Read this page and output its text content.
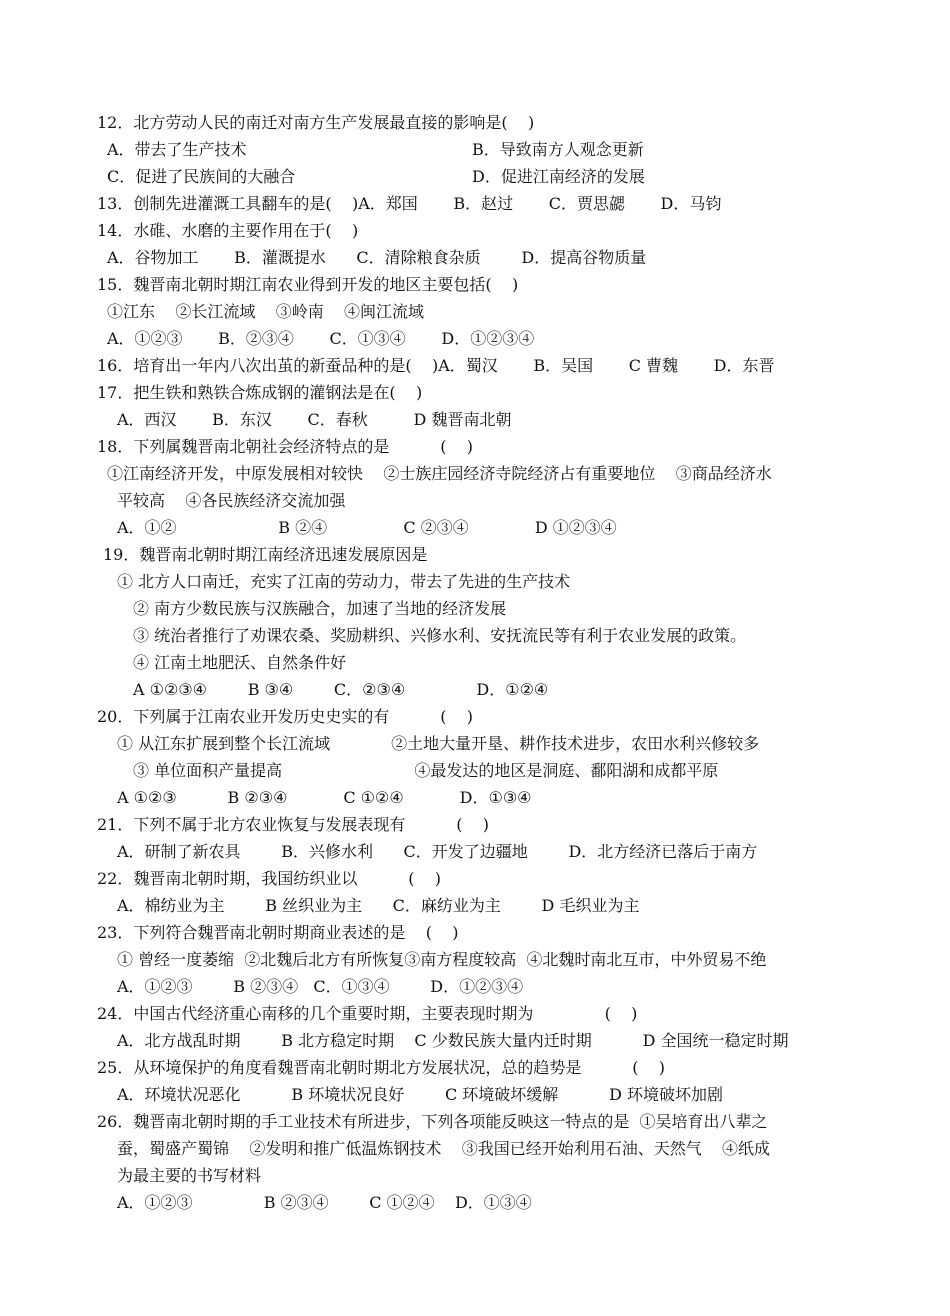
12．北方劳动人民的南迁对南方生产发展最直接的影响是(    )
A．带去了生产技术	B．导致南方人观念更新
C．促进了民族间的大融合	D．促进江南经济的发展
13．创制先进灌溉工具翻车的是(    )A．郑国       B．赵过       C．贾思勰       D．马钧
14．水碓、水磨的主要作用在于(    )
A．谷物加工       B．灌溉提水      C．清除粮食杂质        D．提高谷物质量
15．魏晋南北朝时期江南农业得到开发的地区主要包括(    )
①江东    ②长江流域    ③岭南    ④闽江流域
A．①②③       B．②③④       C．①③④       D．①②③④
16．培育出一年内八次出茧的新蚕品种的是(    )A．蜀汉       B．吴国       C 曹魏       D．东晋
17．把生铁和熟铁合炼成钢的灌钢法是在(    )
A．西汉       B．东汉       C．春秋         D 魏晋南北朝
18．下列属魏晋南北朝社会经济特点的是          (    )
①江南经济开发，中原发展相对较快    ②士族庄园经济寺院经济占有重要地位    ③商品经济水
平较高    ④各民族经济交流加强
A．①②                    B ②④               C ②③④             D ①②③④
19．魏晋南北朝时期江南经济迅速发展原因是
① 北方人口南迁，充实了江南的劳动力，带去了先进的生产技术
② 南方少数民族与汉族融合，加速了当地的经济发展
③ 统治者推行了劝课农桑、奖励耕织、兴修水利、安抚流民等有利于农业发展的政策。
④ 江南土地肥沃、自然条件好
A ①②③④        B ③④        C．②③④              D．①②④
20．下列属于江南农业开发历史史实的有          (    )
① 从江东扩展到整个长江流域            ②土地大量开垦、耕作技术进步，农田水利兴修较多
③ 单位面积产量提高                          ④最发达的地区是洞庭、鄱阳湖和成都平原
A ①②③          B ②③④           C ①②④           D．①③④
21．下列不属于北方农业恢复与发展表现有          (    )
A．研制了新农具        B．兴修水利      C．开发了边疆地        D．北方经济已落后于南方
22．魏晋南北朝时期，我国纺织业以          (    )
A．棉纺业为主        B 丝织业为主      C．麻纺业为主        D 毛织业为主
23．下列符合魏晋南北朝时期商业表述的是    (    )
① 曾经一度萎缩  ②北魏后北方有所恢复③南方程度较高  ④北魏时南北互市，中外贸易不绝
A．①②③        B ②③④   C．①③④        D．①②③④
24．中国古代经济重心南移的几个重要时期，主要表现时期为              (    )
A．北方战乱时期        B 北方稳定时期    C 少数民族大量内迁时期          D 全国统一稳定时期
25．从环境保护的角度看魏晋南北朝时期北方发展状况，总的趋势是          (    )
A．环境状况恶化          B 环境状况良好        C 环境破坏缓解          D 环境破坏加剧
26．魏晋南北朝时期的手工业技术有所进步，下列各项能反映这一特点的是  ①吴培育出八辈之
蚕，蜀盛产蜀锦    ②发明和推广低温炼钢技术    ③我国已经开始利用石油、天然气    ④纸成
为最主要的书写材料
A．①②③              B ②③④        C ①②④    D．①③④
